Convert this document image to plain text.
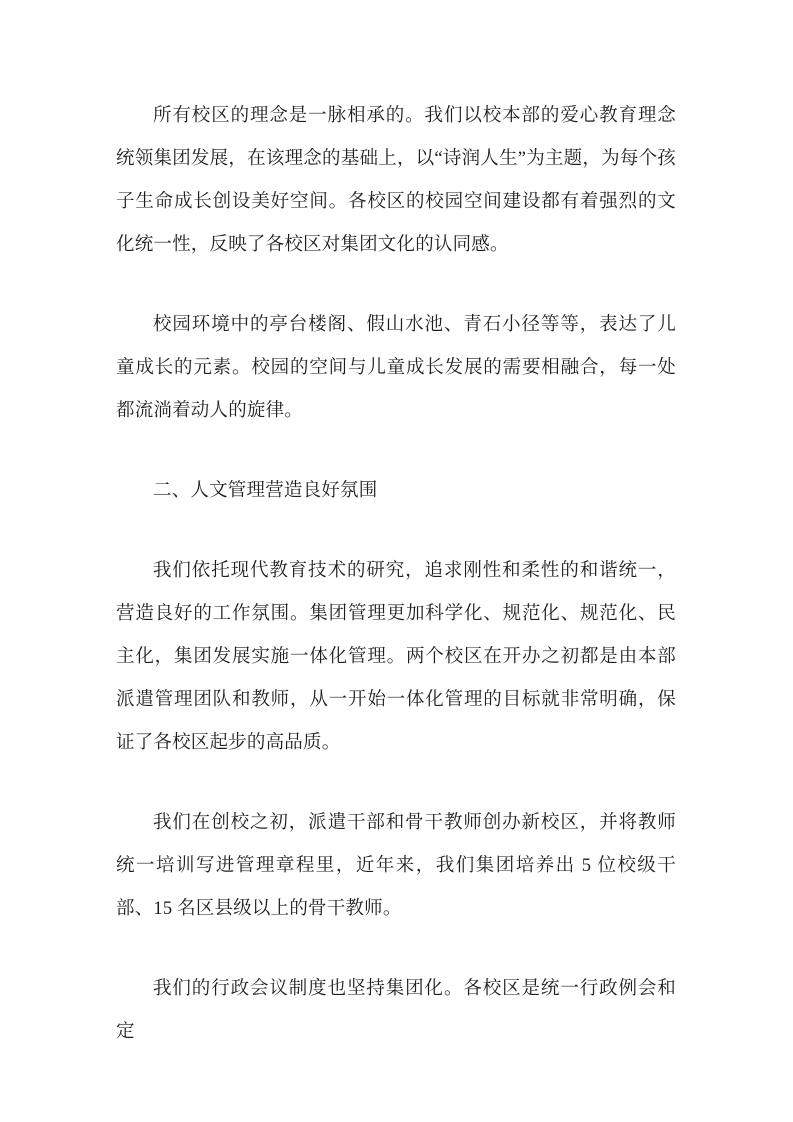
所有校区的理念是一脉相承的。我们以校本部的爱心教育理念统领集团发展，在该理念的基础上，以“诗润人生”为主题，为每个孩子生命成长创设美好空间。各校区的校园空间建设都有着强烈的文化统一性，反映了各校区对集团文化的认同感。

校园环境中的亭台楼阁、假山水池、青石小径等等，表达了儿童成长的元素。校园的空间与儿童成长发展的需要相融合，每一处都流淌着动人的旋律。

二、人文管理营造良好氛围

我们依托现代教育技术的研究，追求刚性和柔性的和谐统一，营造良好的工作氛围。集团管理更加科学化、规范化、规范化、民主化，集团发展实施一体化管理。两个校区在开办之初都是由本部派遣管理团队和教师，从一开始一体化管理的目标就非常明确，保证了各校区起步的高品质。

我们在创校之初，派遣干部和骨干教师创办新校区，并将教师统一培训写进管理章程里，近年来，我们集团培养出 5 位校级干部、15 名区县级以上的骨干教师。

我们的行政会议制度也坚持集团化。各校区是统一行政例会和定
